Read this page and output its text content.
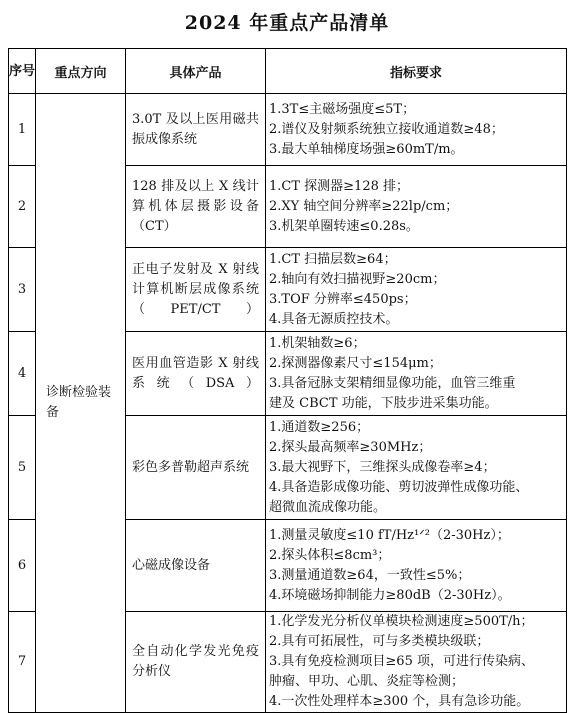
2024 年重点产品清单
序号	重点方向	具体产品	指标要求
1	诊断检验装备	3.0T 及以上医用磁共振成像系统	1.3T≤主磁场强度≤5T；
2.谱仪及射频系统独立接收通道数≥48；
3.最大单轴梯度场强≥60mT/m。

2		128 排及以上 X 线计算机体层摄影设备（CT）	1.CT 探测器≥128 排；
2.XY 轴空间分辨率≥22lp/cm；
3.机架单圈转速≤0.28s。

3		正电子发射及 X 射线计算机断层成像系统（PET/CT）	1.CT 扫描层数≥64；
2.轴向有效扫描视野≥20cm；
3.TOF 分辨率≤450ps；
4.具备无源质控技术。

4		医用血管造影 X 射线系统（DSA）	1.机架轴数≥6；
2.探测器像素尺寸≤154μm；
3.具备冠脉支架精细显像功能，血管三维重
建及 CBCT 功能，下肢步进采集功能。

5		彩色多普勒超声系统	1.通道数≥256；
2.探头最高频率≥30MHz；
3.最大视野下，三维探头成像卷率≥4；
4.具备造影成像功能、剪切波弹性成像功能、
超微血流成像功能。

6		心磁成像设备	1.测量灵敏度≤10 fT/Hz¹ᐟ²（2-30Hz）；
2.探头体积≤8cm³；
3.测量通道数≥64，一致性≤5%；
4.环境磁场抑制能力≥80dB（2-30Hz）。

7		全自动化学发光免疫分析仪	1.化学发光分析仪单模块检测速度≥500T/h；
2.具有可拓展性，可与多类模块级联；
3.具有免疫检测项目≥65 项，可进行传染病、
肿瘤、甲功、心肌、炎症等检测；
4.一次性处理样本≥300 个，具有急诊功能。
